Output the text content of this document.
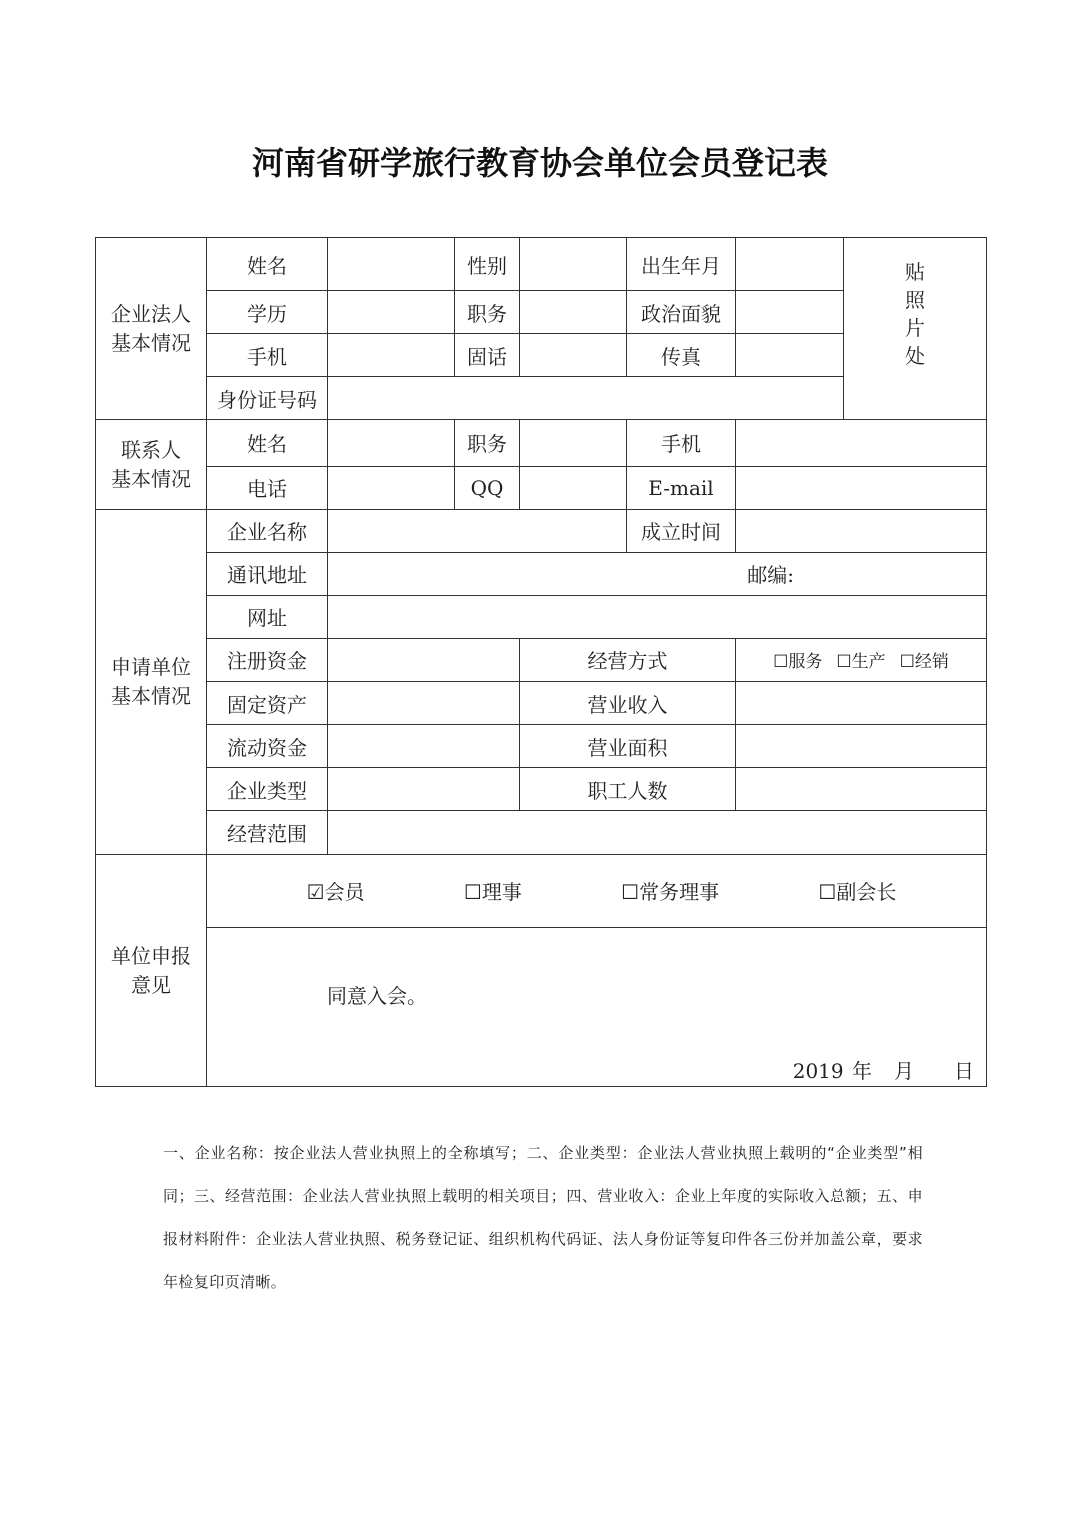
河南省研学旅行教育协会单位会员登记表
企业法人
基本情况	姓名		性别		出生年月		贴
照
片
处
	学历		职务		政治面貌		
	手机		固话		传真		
	身份证号码						
联系人
基本情况	姓名		职务		手机		
	电话		QQ		E-mail		
申请单位
基本情况	企业名称				成立时间		
	通讯地址	邮编:					
	网址						
	注册资金			经营方式		☐服务 ☐生产 ☐经销	
	固定资产			营业收入			
	流动资金			营业面积			
	企业类型			职工人数			
	经营范围						
单位申报
意见	☑会员 ☐理事 ☐常务理事 ☐副会长						

	同意入会。
2019 年 月 日						
一、企业名称：按企业法人营业执照上的全称填写；二、企业类型：企业法人营业执照上载明的“企业类型”相同；三、经营范围：企业法人营业执照上载明的相关项目；四、营业收入：企业上年度的实际收入总额；五、申报材料附件：企业法人营业执照、税务登记证、组织机构代码证、法人身份证等复印件各三份并加盖公章，要求年检复印页清晰。
